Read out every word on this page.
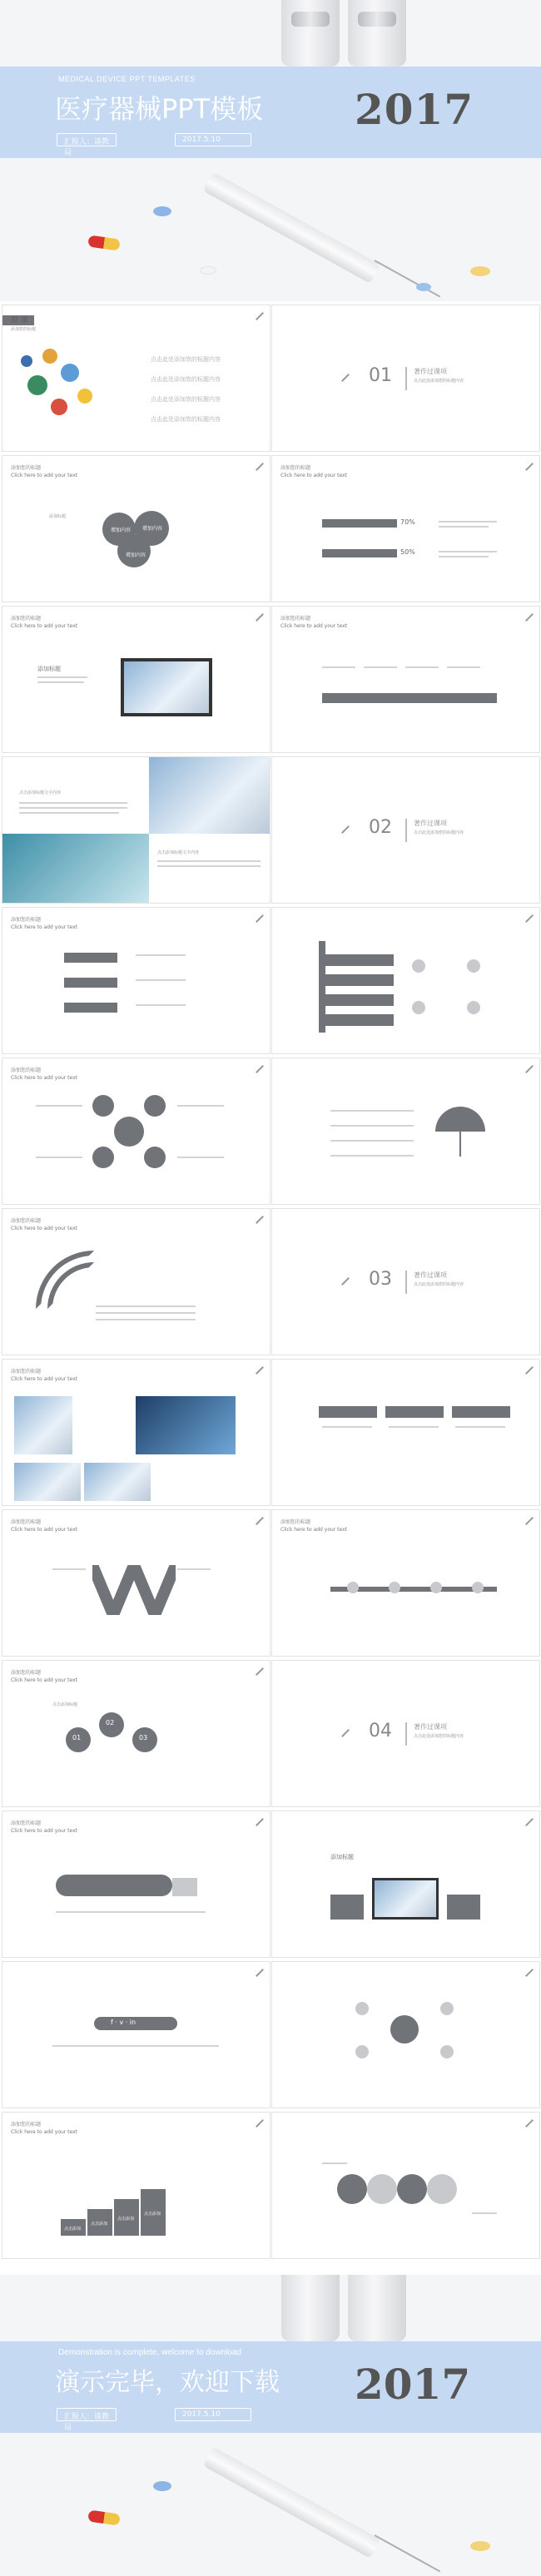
MEDICAL DEVICE PPT TEMPLATES
医疗器械PPT模板
汇报人：谈教局
2017.5.10
2017
目 录
添加您的标题
点击此处添加您的标题内容
点击此处添加您的标题内容
点击此处添加您的标题内容
点击此处添加您的标题内容
01	著作过课项
点击此处添加您的标题内容
添加您的标题
Click here to add your text
添加标题
增加内容 增加内容
增加内容
添加您的标题
Click here to add your text
70%
50%
添加您的标题
Click here to add your text
添加标题
添加您的标题
Click here to add your text
点击添加标题文字内容
点击添加标题文字内容
02	著作过课项
点击此处添加您的标题内容
添加您的标题
Click here to add your text
添加您的标题
Click here to add your text
添加您的标题
Click here to add your text
03	著作过课项
点击此处添加您的标题内容
添加您的标题
Click here to add your text
添加您的标题
Click here to add your text
添加您的标题
Click here to add your text
添加您的标题
Click here to add your text
01
02
03
点击添加标题
04	著作过课项
点击此处添加您的标题内容
添加您的标题
Click here to add your text
添加标题
f · v · in
添加您的标题
Click here to add your text
点击添加
点击添加
点击添加
点击添加
Demonstration is complete, welcome to download
演示完毕，欢迎下载
汇报人：谈教局
2017.5.10
2017
